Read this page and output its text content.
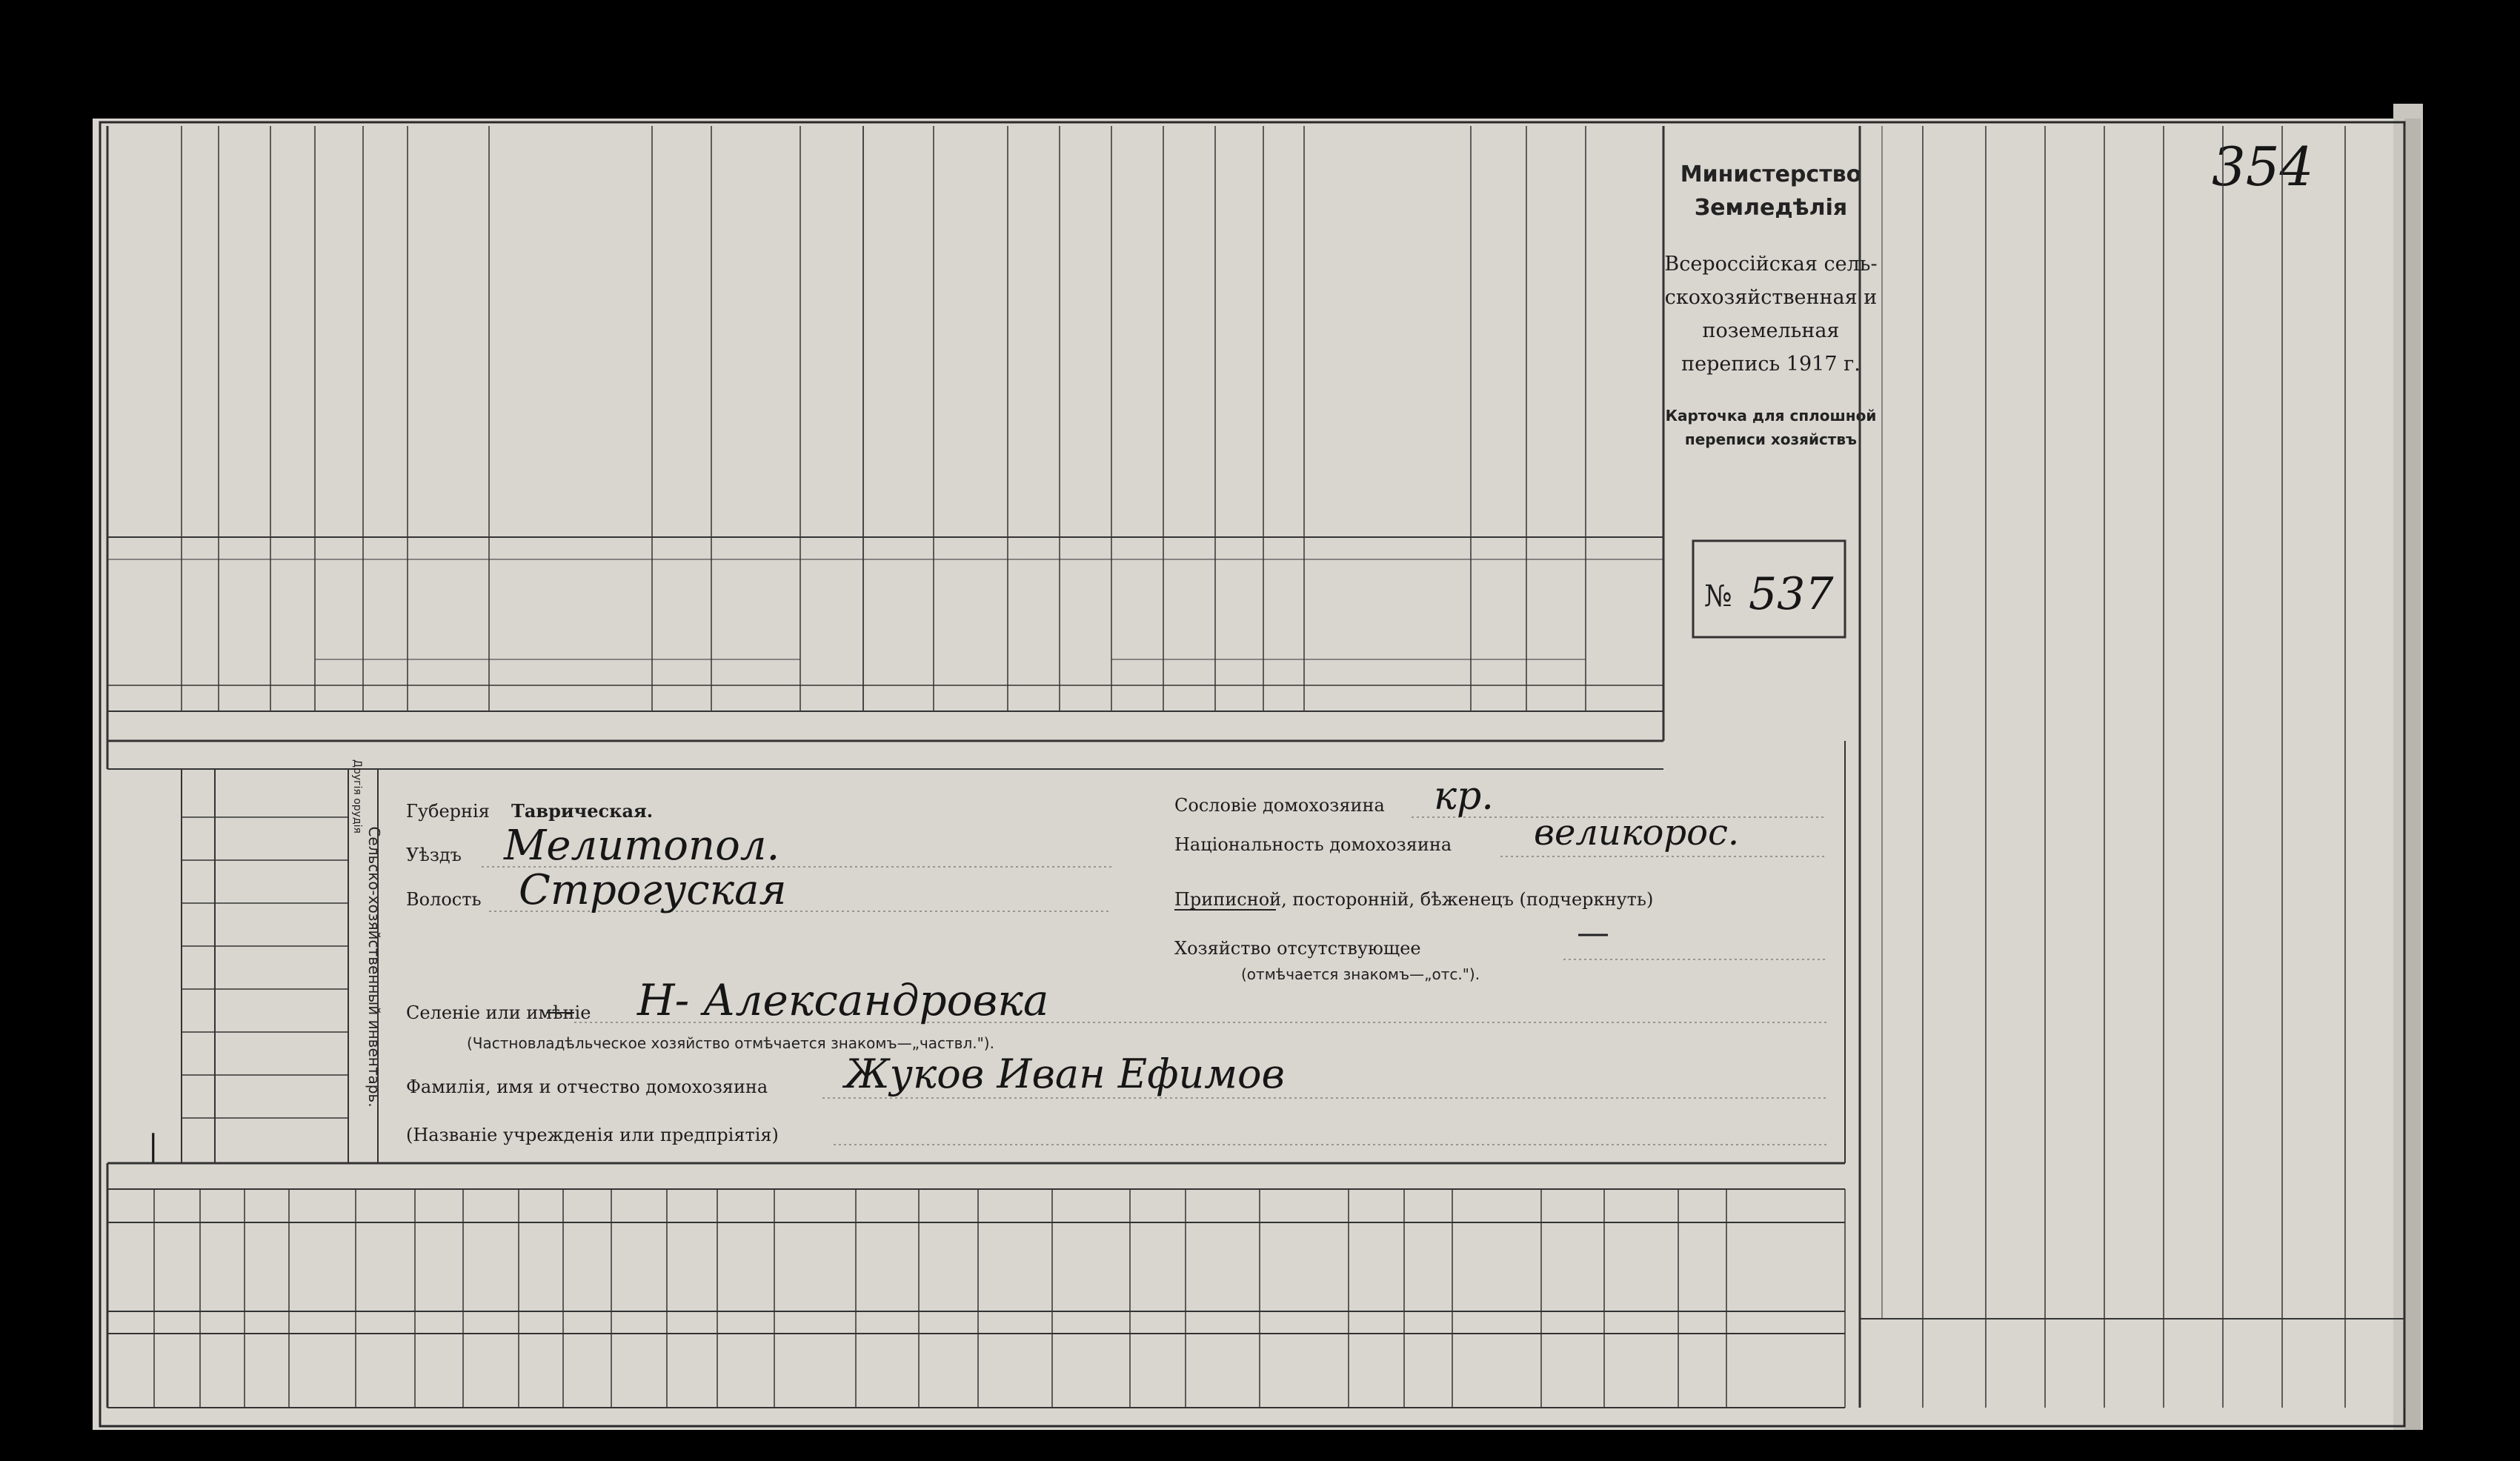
Министерство
Земледѣлія
Всероссійская сель-
скохозяйственная и
поземельная
перепись 1917 г.
Карточка для сплошной
переписи хозяйствъ
№ 537
354
Сельско-хозяйственный инвентарь.
Другія орудія
|
Губернія Таврическая.
Уѣздъ Мелитопол.
Волость Строгуская
Сословіе домохозяина кр.
Національность домохозяина великорос.
Приписной, посторонній, бѣженецъ (подчеркнуть)
Хозяйство отсутствующее
(отмѣчается знакомъ—„отс.").
Селеніе или имѣніе Н- Александровка
(Частновладѣльческое хозяйство отмѣчается знакомъ—„частвл.").
Фамилія, имя и отчество домохозяина Жуков Иван Ефимов
(Названіе учрежденія или предпріятія)
